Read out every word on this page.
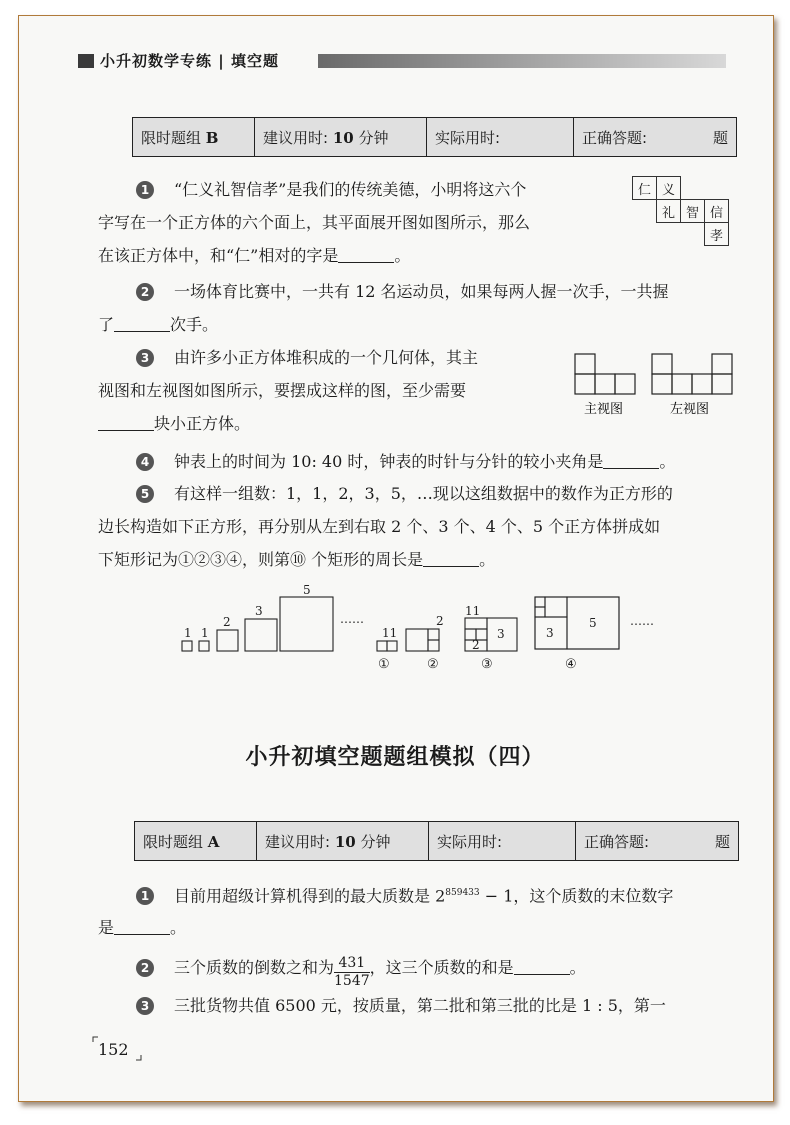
小升初数学专练 | 填空题
限时题组 B	建议用时: 10 分钟	实际用时:	正确答题:	题
1 “仁义礼智信孝”是我们的传统美德，小明将这六个
字写在一个正方体的六个面上，其平面展开图如图所示，那么
在该正方体中，和“仁”相对的字是	。
仁	义		
	礼	智	信
			孝
2 一场体育比赛中，一共有 12 名运动员，如果每两人握一次手，一共握
了	次手。
3 由许多小正方体堆积成的一个几何体，其主
视图和左视图如图所示，要摆成这样的图，至少需要
块小正方体。
主视图	左视图
4 钟表上的时间为 10: 40 时，钟表的时针与分针的较小夹角是	。
5 有这样一组数：1，1，2，3，5，…现以这组数据中的数作为正方形的
边长构造如下正方形，再分别从左到右取 2 个、3 个、4 个、5 个正方体拼成如
下矩形记为①②③④，则第⑩ 个矩形的周长是	。
1 1
2
3
5
……
11
2
11
2
3	3
5	……
①	②	③	④
小升初填空题题组模拟（四）
限时题组 A	建议用时: 10 分钟	实际用时:	正确答题:	题
1 目前用超级计算机得到的最大质数是 $2^{859433} - 1$，这个质数的末位数字
是	。
2 三个质数的倒数之和为 $\frac{431}{1547}$ ，这三个质数的和是	。
3 三批货物共值 6500 元，按质量，第二批和第三批的比是 1 : 5，第一
152
